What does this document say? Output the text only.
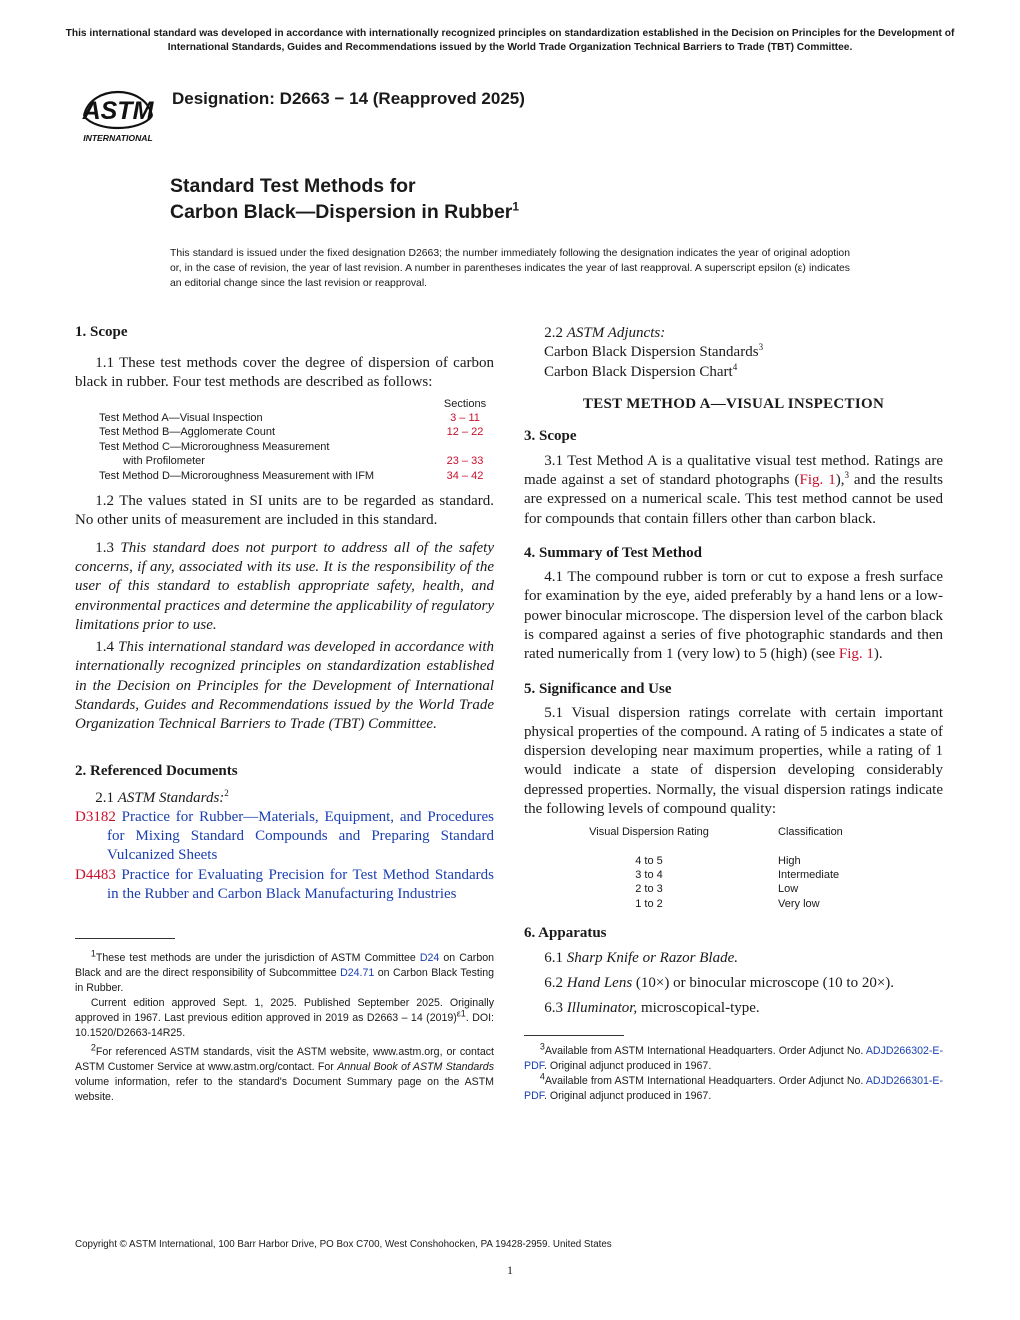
This international standard was developed in accordance with internationally recognized principles on standardization established in the Decision on Principles for the Development of International Standards, Guides and Recommendations issued by the World Trade Organization Technical Barriers to Trade (TBT) Committee.
ASTM
INTERNATIONAL
Designation: D2663 − 14 (Reapproved 2025)
Standard Test Methods for
Carbon Black—Dispersion in Rubber$^1$
This standard is issued under the fixed designation D2663; the number immediately following the designation indicates the year of original adoption or, in the case of revision, the year of last revision. A number in parentheses indicates the year of last reapproval. A superscript epsilon (ε) indicates an editorial change since the last revision or reapproval.
1. Scope

1.1 These test methods cover the degree of dispersion of carbon black in rubber. Four test methods are described as follows:

Sections
Test Method A—Visual Inspection	3 – 11
Test Method B—Agglomerate Count	12 – 22
Test Method C—Microroughness Measurement
with Profilometer	23 – 33
Test Method D—Microroughness Measurement with IFM	34 – 42

1.2 The values stated in SI units are to be regarded as standard. No other units of measurement are included in this standard.

1.3 This standard does not purport to address all of the safety concerns, if any, associated with its use. It is the responsibility of the user of this standard to establish appropriate safety, health, and environmental practices and determine the applicability of regulatory limitations prior to use.

1.4 This international standard was developed in accordance with internationally recognized principles on standardization established in the Decision on Principles for the Development of International Standards, Guides and Recommendations issued by the World Trade Organization Technical Barriers to Trade (TBT) Committee.

2. Referenced Documents

2.1 ASTM Standards:$^2$

D3182 Practice for Rubber—Materials, Equipment, and Procedures for Mixing Standard Compounds and Preparing Standard Vulcanized Sheets
D4483 Practice for Evaluating Precision for Test Method Standards in the Rubber and Carbon Black Manufacturing Industries
$^1$These test methods are under the jurisdiction of ASTM Committee D24 on Carbon Black and are the direct responsibility of Subcommittee D24.71 on Carbon Black Testing in Rubber.
Current edition approved Sept. 1, 2025. Published September 2025. Originally approved in 1967. Last previous edition approved in 2019 as D2663 – 14 $(2019)^{\varepsilon 1}$. DOI: 10.1520/D2663-14R25.
$^2$For referenced ASTM standards, visit the ASTM website, www.astm.org, or contact ASTM Customer Service at www.astm.org/contact. For Annual Book of ASTM Standards volume information, refer to the standard's Document Summary page on the ASTM website.

2.2 ASTM Adjuncts:

Carbon Black Dispersion Standards$^3$

Carbon Black Dispersion Chart$^4$

TEST METHOD A—VISUAL INSPECTION
3. Scope

3.1 Test Method A is a qualitative visual test method. Ratings are made against a set of standard photographs (Fig. 1),$^3$ and the results are expressed on a numerical scale. This test method cannot be used for compounds that contain fillers other than carbon black.

4. Summary of Test Method

4.1 The compound rubber is torn or cut to expose a fresh surface for examination by the eye, aided preferably by a hand lens or a low-power binocular microscope. The dispersion level of the carbon black is compared against a series of five photographic standards and then rated numerically from 1 (very low) to 5 (high) (see Fig. 1).

5. Significance and Use

5.1 Visual dispersion ratings correlate with certain important physical properties of the compound. A rating of 5 indicates a state of dispersion developing near maximum properties, while a rating of 1 would indicate a state of dispersion developing considerably depressed properties. Normally, the visual dispersion ratings indicate the following levels of compound quality:

Visual Dispersion Rating	Classification
4 to 5	High
3 to 4	Intermediate
2 to 3	Low
1 to 2	Very low
6. Apparatus

6.1 Sharp Knife or Razor Blade.

6.2 Hand Lens (10×) or binocular microscope (10 to 20×).

6.3 Illuminator, microscopical-type.

$^3$Available from ASTM International Headquarters. Order Adjunct No. ADJD266302-E-PDF. Original adjunct produced in 1967.
$^4$Available from ASTM International Headquarters. Order Adjunct No. ADJD266301-E-PDF. Original adjunct produced in 1967.
Copyright © ASTM International, 100 Barr Harbor Drive, PO Box C700, West Conshohocken, PA 19428-2959. United States
1
